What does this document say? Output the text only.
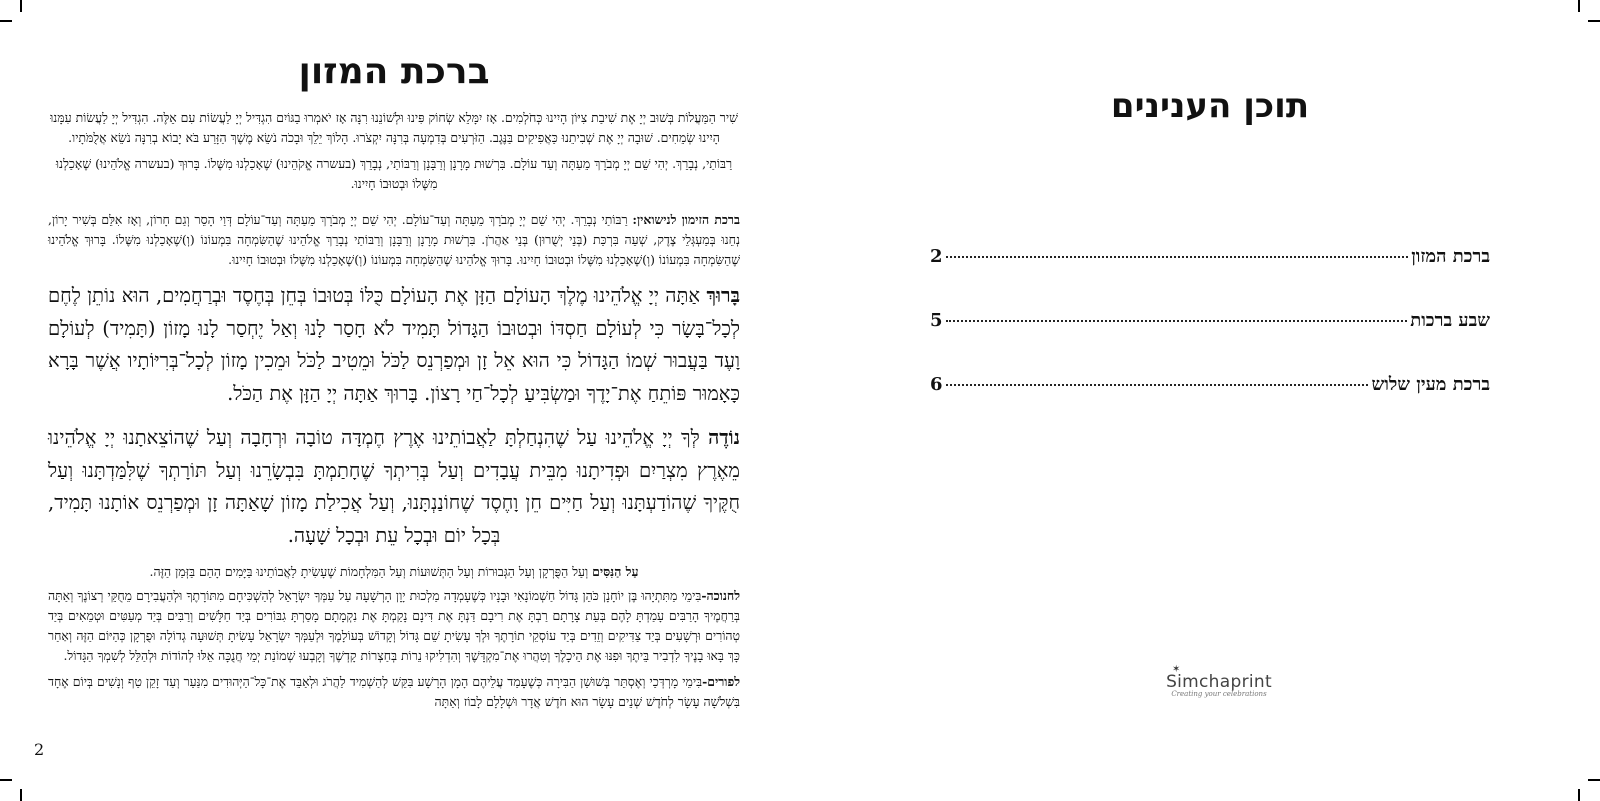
ברכת המזון

שִׁיר הַמַּעֲלוֹת בְּשׁוּב יְיָ אֶת שִׁיבַת צִיּוֹן הָיִינוּ כְּחֹלְמִים. אָז יִמָּלֵא שְׂחוֹק פִּינוּ וּלְשׁוֹנֵנוּ רִנָּה אָז יֹאמְרוּ בַגּוֹיִם הִגְדִּיל יְיָ לַעֲשׂוֹת עִם אֵלֶּה. הִגְדִּיל יְיָ לַעֲשׂוֹת עִמָּנוּ הָיִינוּ שְׂמֵחִים. שׁוּבָה יְיָ אֶת שְׁבִיתֵנוּ כַּאֲפִיקִים בַּנֶּגֶב. הַזֹּרְעִים בְּדִמְעָה בְּרִנָּה יִקְצֹרוּ. הָלוֹךְ יֵלֵךְ וּבָכֹה נֹשֵׂא מֶשֶׁךְ הַזָּרַע בֹּא יָבוֹא בְרִנָּה נֹשֵׂא אֲלֻמֹּתָיו.

רַבּוֹתַי, נְבָרֵךְ. יְהִי שֵׁם יְיָ מְבֹרָךְ מֵעַתָּה וְעַד עוֹלָם. בִּרְשׁוּת מָרָנָן וְרַבָּנָן וְרַבּוֹתַי, נְבָרֵךְ (בעשרה אֱקֹהֵינוּ) שֶׁאָכַלְנוּ מִשֶּׁלוֹ. בָּרוּךְ (בעשרה אֱלֹהֵינוּ) שֶׁאָכַלְנוּ מִשֶּׁלוֹ וּבְטוּבוֹ חָיִינוּ.

ברכת הזימון לנישואין: רַבּוֹתַי נְבָרֵךְ. יְהִי שֵׁם יְיָ מְבֹרָךְ מֵעַתָּה וְעַד־עוֹלָם. יְהִי שֵׁם יְיָ מְבֹרָךְ מֵעַתָּה וְעַד־עוֹלָם דְּוַי הָסֵר וְגַם חָרוֹן, וְאָז אִלֵּם בְּשִׁיר יָרוֹן, נְחֵנוּ בְּמַעְגְּלֵי צֶדֶק, שְׁעֵה בִּרְכַּת (בְּנֵי יְשֻׁרוּן) בְּנֵי אַהֲרֹן. בִּרְשׁוּת מָרָנָן וְרַבָּנָן וְרַבּוֹתַי נְבָרֵךְ אֱלֹהֵינוּ שֶׁהַשִּׂמְחָה בִּמְעוֹנוֹ (וְ)שֶׁאָכַלְנוּ מִשֶּׁלוֹ. בָּרוּךְ אֱלֹהֵינוּ שֶׁהַשִּׂמְחָה בִּמְעוֹנוֹ (וְ)שֶׁאָכַלְנוּ מִשֶּׁלוֹ וּבְטוּבוֹ חָיִינוּ. בָּרוּךְ אֱלֹהֵינוּ שֶׁהַשִּׂמְחָה בִּמְעוֹנוֹ (וְ)שֶׁאָכַלְנוּ מִשֶּׁלוֹ וּבְטוּבוֹ חָיִינוּ.

בָּרוּךְ אַתָּה יְיָ אֱלֹהֵינוּ מֶלֶךְ הָעוֹלָם הַזָּן אֶת הָעוֹלָם כֻּלּוֹ בְּטוּבוֹ בְּחֵן בְּחֶסֶד וּבְרַחֲמִים, הוּא נוֹתֵן לֶחֶם לְכָל־בָּשָׂר כִּי לְעוֹלָם חַסְדּוֹ וּבְטוּבוֹ הַגָּדוֹל תָּמִיד לֹא חָסַר לָנוּ וְאַל יֶחְסַר לָנוּ מָזוֹן (תָּמִיד) לְעוֹלָם וָעֶד בַּעֲבוּר שְׁמוֹ הַגָּדוֹל כִּי הוּא אֵל זָן וּמְפַרְנֵס לַכֹּל וּמֵטִיב לַכֹּל וּמֵכִין מָזוֹן לְכָל־בְּרִיּוֹתָיו אֲשֶׁר בָּרָא כָּאָמוּר פּוֹתֵחַ אֶת־יָדֶךָ וּמַשְׂבִּיעַ לְכָל־חַי רָצוֹן. בָּרוּךְ אַתָּה יְיָ הַזָּן אֶת הַכֹּל.

נוֹדֶה לְּךָ יְיָ אֱלֹהֵינוּ עַל שֶׁהִנְחַלְתָּ לַאֲבוֹתֵינוּ אֶרֶץ חֶמְדָּה טוֹבָה וּרְחָבָה וְעַל שֶׁהוֹצֵאתָנוּ יְיָ אֱלֹהֵינוּ מֵאֶרֶץ מִצְרַיִם וּפְדִיתָנוּ מִבֵּית עֲבָדִים וְעַל בְּרִיתְךָ שֶׁחָתַמְתָּ בִּבְשָׂרֵנוּ וְעַל תּוֹרָתְךָ שֶׁלִּמַּדְתָּנוּ וְעַל חֻקֶּיךָ שֶׁהוֹדַעְתָּנוּ וְעַל חַיִּים חֵן וָחֶסֶד שֶׁחוֹנַנְתָּנוּ, וְעַל אֲכִילַת מָזוֹן שָׁאַתָּה זָן וּמְפַרְנֵס אוֹתָנוּ תָּמִיד, בְּכָל יוֹם וּבְכָל עֵת וּבְכָל שָׁעָה.

עַל הַנִּסִּים וְעַל הַפֻּרְקָן וְעַל הַגְּבוּרוֹת וְעַל הַתְּשׁוּעוֹת וְעַל הַמִּלְחָמוֹת שֶׁעָשִׂיתָ לַאֲבוֹתֵינוּ בַּיָּמִים הָהֵם בַּזְּמַן הַזֶּה.

לחנוכה-בִּימֵי מַתִּתְיָהוּ בֶּן יוֹחָנָן כֹּהֵן גָּדוֹל חַשְׁמוֹנָאִי וּבָנָיו כְּשֶׁעָמְדָה מַלְכוּת יָוָן הָרְשָׁעָה עַל עַמְּךָ יִשְׂרָאֵל לְהַשְׁכִּיחָם מִתּוֹרָתֶךָ וּלְהַעֲבִירָם מֵחֻקֵּי רְצוֹנֶךָ וְאַתָּה בְּרַחֲמֶיךָ הָרַבִּים עָמַדְתָּ לָהֶם בְּעֵת צָרָתָם רַבְתָּ אֶת רִיבָם דַּנְתָּ אֶת דִּינָם נָקַמְתָּ אֶת נִקְמָתָם מָסַרְתָּ גִבּוֹרִים בְּיַד חַלָּשִׁים וְרַבִּים בְּיַד מְעַטִּים וּטְמֵאִים בְּיַד טְהוֹרִים וּרְשָׁעִים בְּיַד צַדִּיקִים וְזֵדִים בְּיַד עוֹסְקֵי תוֹרָתֶךָ וּלְךָ עָשִׂיתָ שֵׁם גָּדוֹל וְקָדוֹשׁ בְּעוֹלָמֶךָ וּלְעַמְּךָ יִשְׂרָאֵל עָשִׂיתָ תְּשׁוּעָה גְדוֹלָה וּפֻרְקָן כְּהַיּוֹם הַזֶּה וְאַחַר כָּךְ בָּאוּ בָנֶיךָ לִדְבִיר בֵּיתֶךָ וּפִנּוּ אֶת הֵיכָלֶךָ וְטִהֲרוּ אֶת־מִקְדָּשֶׁךָ וְהִדְלִיקוּ נֵרוֹת בְּחַצְרוֹת קָדְשֶׁךָ וְקָבְעוּ שְׁמוֹנַת יְמֵי חֲנֻכָּה אֵלּוּ לְהוֹדוֹת וּלְהַלֵּל לְשִׁמְךָ הַגָּדוֹל.

לפורים-בִּימֵי מָרְדְּכַי וְאֶסְתֵּר בְּשׁוּשַׁן הַבִּירָה כְּשֶׁעָמַד עֲלֵיהֶם הָמָן הָרָשָׁע בִּקֵּשׁ לְהַשְׁמִיד לַהֲרֹג וּלְאַבֵּד אֶת־כָּל־הַיְּהוּדִים מִנַּעַר וְעַד זָקֵן טַף וְנָשִׁים בְּיוֹם אֶחָד בִּשְׁלֹשָׁה עָשָׂר לְחֹדֶשׁ שְׁנֵים עָשָׂר הוּא חֹדֶשׁ אֲדָר וּשְׁלָלָם לָבוֹז וְאַתָּה

2
תוכן הענינים
ברכת המזון
2
שבע ברכות
5
ברכת מעין שלוש
6
✶
Simchaprint
Creating your celebrations
